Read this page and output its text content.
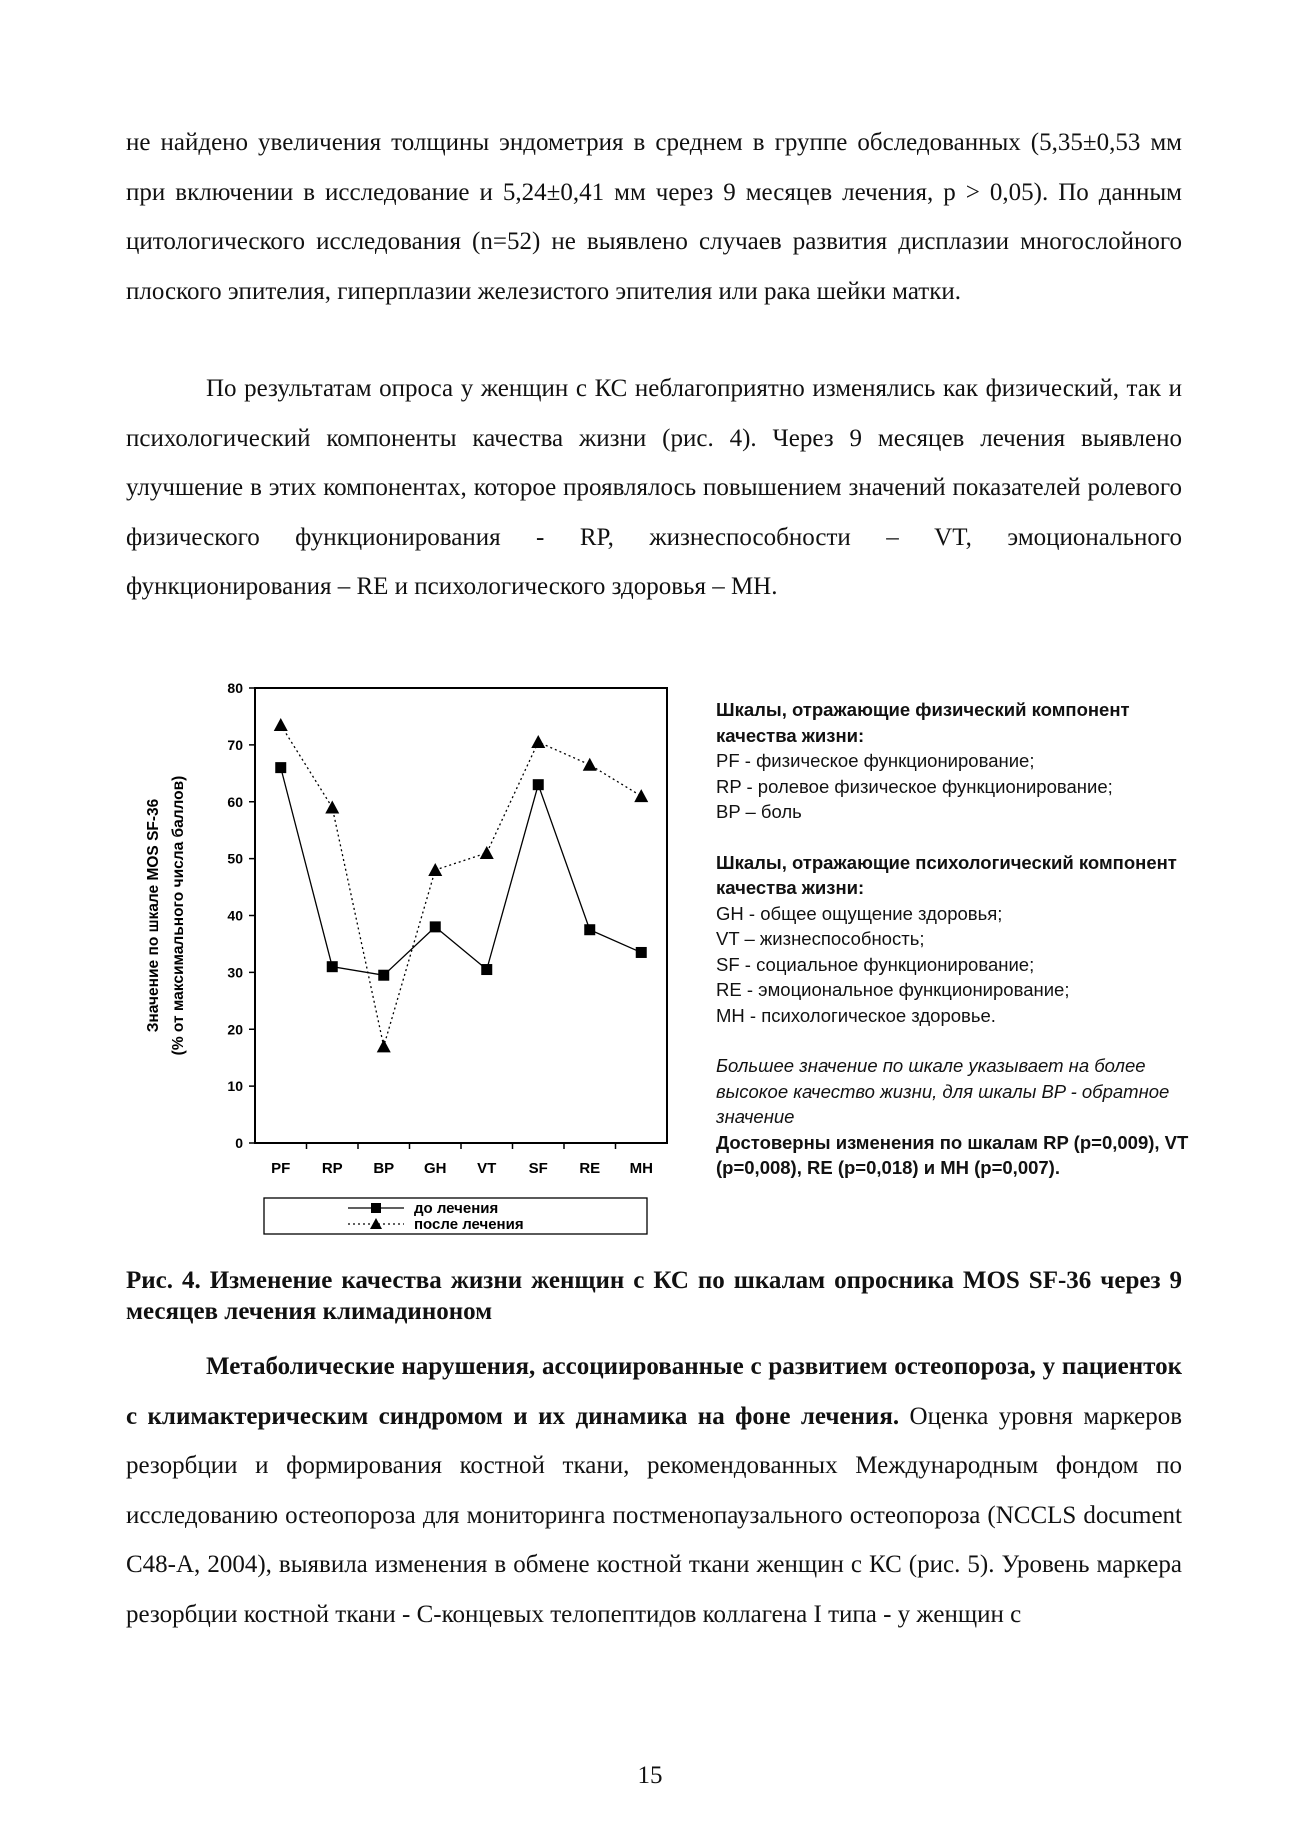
не найдено увеличения толщины эндометрия в среднем в группе обследованных (5,35±0,53 мм при включении в исследование и 5,24±0,41 мм через 9 месяцев лечения, p > 0,05). По данным цитологического исследования (n=52) не выявлено случаев развития дисплазии многослойного плоского эпителия, гиперплазии железистого эпителия или рака шейки матки.

По результатам опроса у женщин с КС неблагоприятно изменялись как физический, так и психологический компоненты качества жизни (рис. 4). Через 9 месяцев лечения выявлено улучшение в этих компонентах, которое проявлялось повышением значений показателей ролевого физического функционирования - RP, жизнеспособности – VT, эмоционального функционирования – RE и психологического здоровья – MH.

0
10
20
30
40
50
60
70
80
PF RP BP GH VT SF RE MH
Значение по шкале MOS SF-36 (% от максимального числа баллов)
до лечения
после лечения
Шкалы, отражающие физический компонент качества жизни:
PF - физическое функционирование;
RP - ролевое физическое функционирование;
BP – боль
Шкалы, отражающие психологический компонент качества жизни:
GH - общее ощущение здоровья;
VT – жизнеспособность;
SF - социальное функционирование;
RE - эмоциональное функционирование;
MH - психологическое здоровье.
Большее значение по шкале указывает на более высокое качество жизни, для шкалы BP - обратное значение
Достоверны изменения по шкалам RP (p=0,009), VT (p=0,008), RE (p=0,018) и MH (p=0,007).

Рис. 4. Изменение качества жизни женщин с КС по шкалам опросника MOS SF-36 через 9 месяцев лечения климадиноном

Метаболические нарушения, ассоциированные с развитием остеопороза, у пациенток с климактерическим синдромом и их динамика на фоне лечения. Оценка уровня маркеров резорбции и формирования костной ткани, рекомендованных Международным фондом по исследованию остеопороза для мониторинга постменопаузального остеопороза (NCCLS document C48-A, 2004), выявила изменения в обмене костной ткани женщин с КС (рис. 5). Уровень маркера резорбции костной ткани - С-концевых телопептидов коллагена I типа - у женщин с

15
